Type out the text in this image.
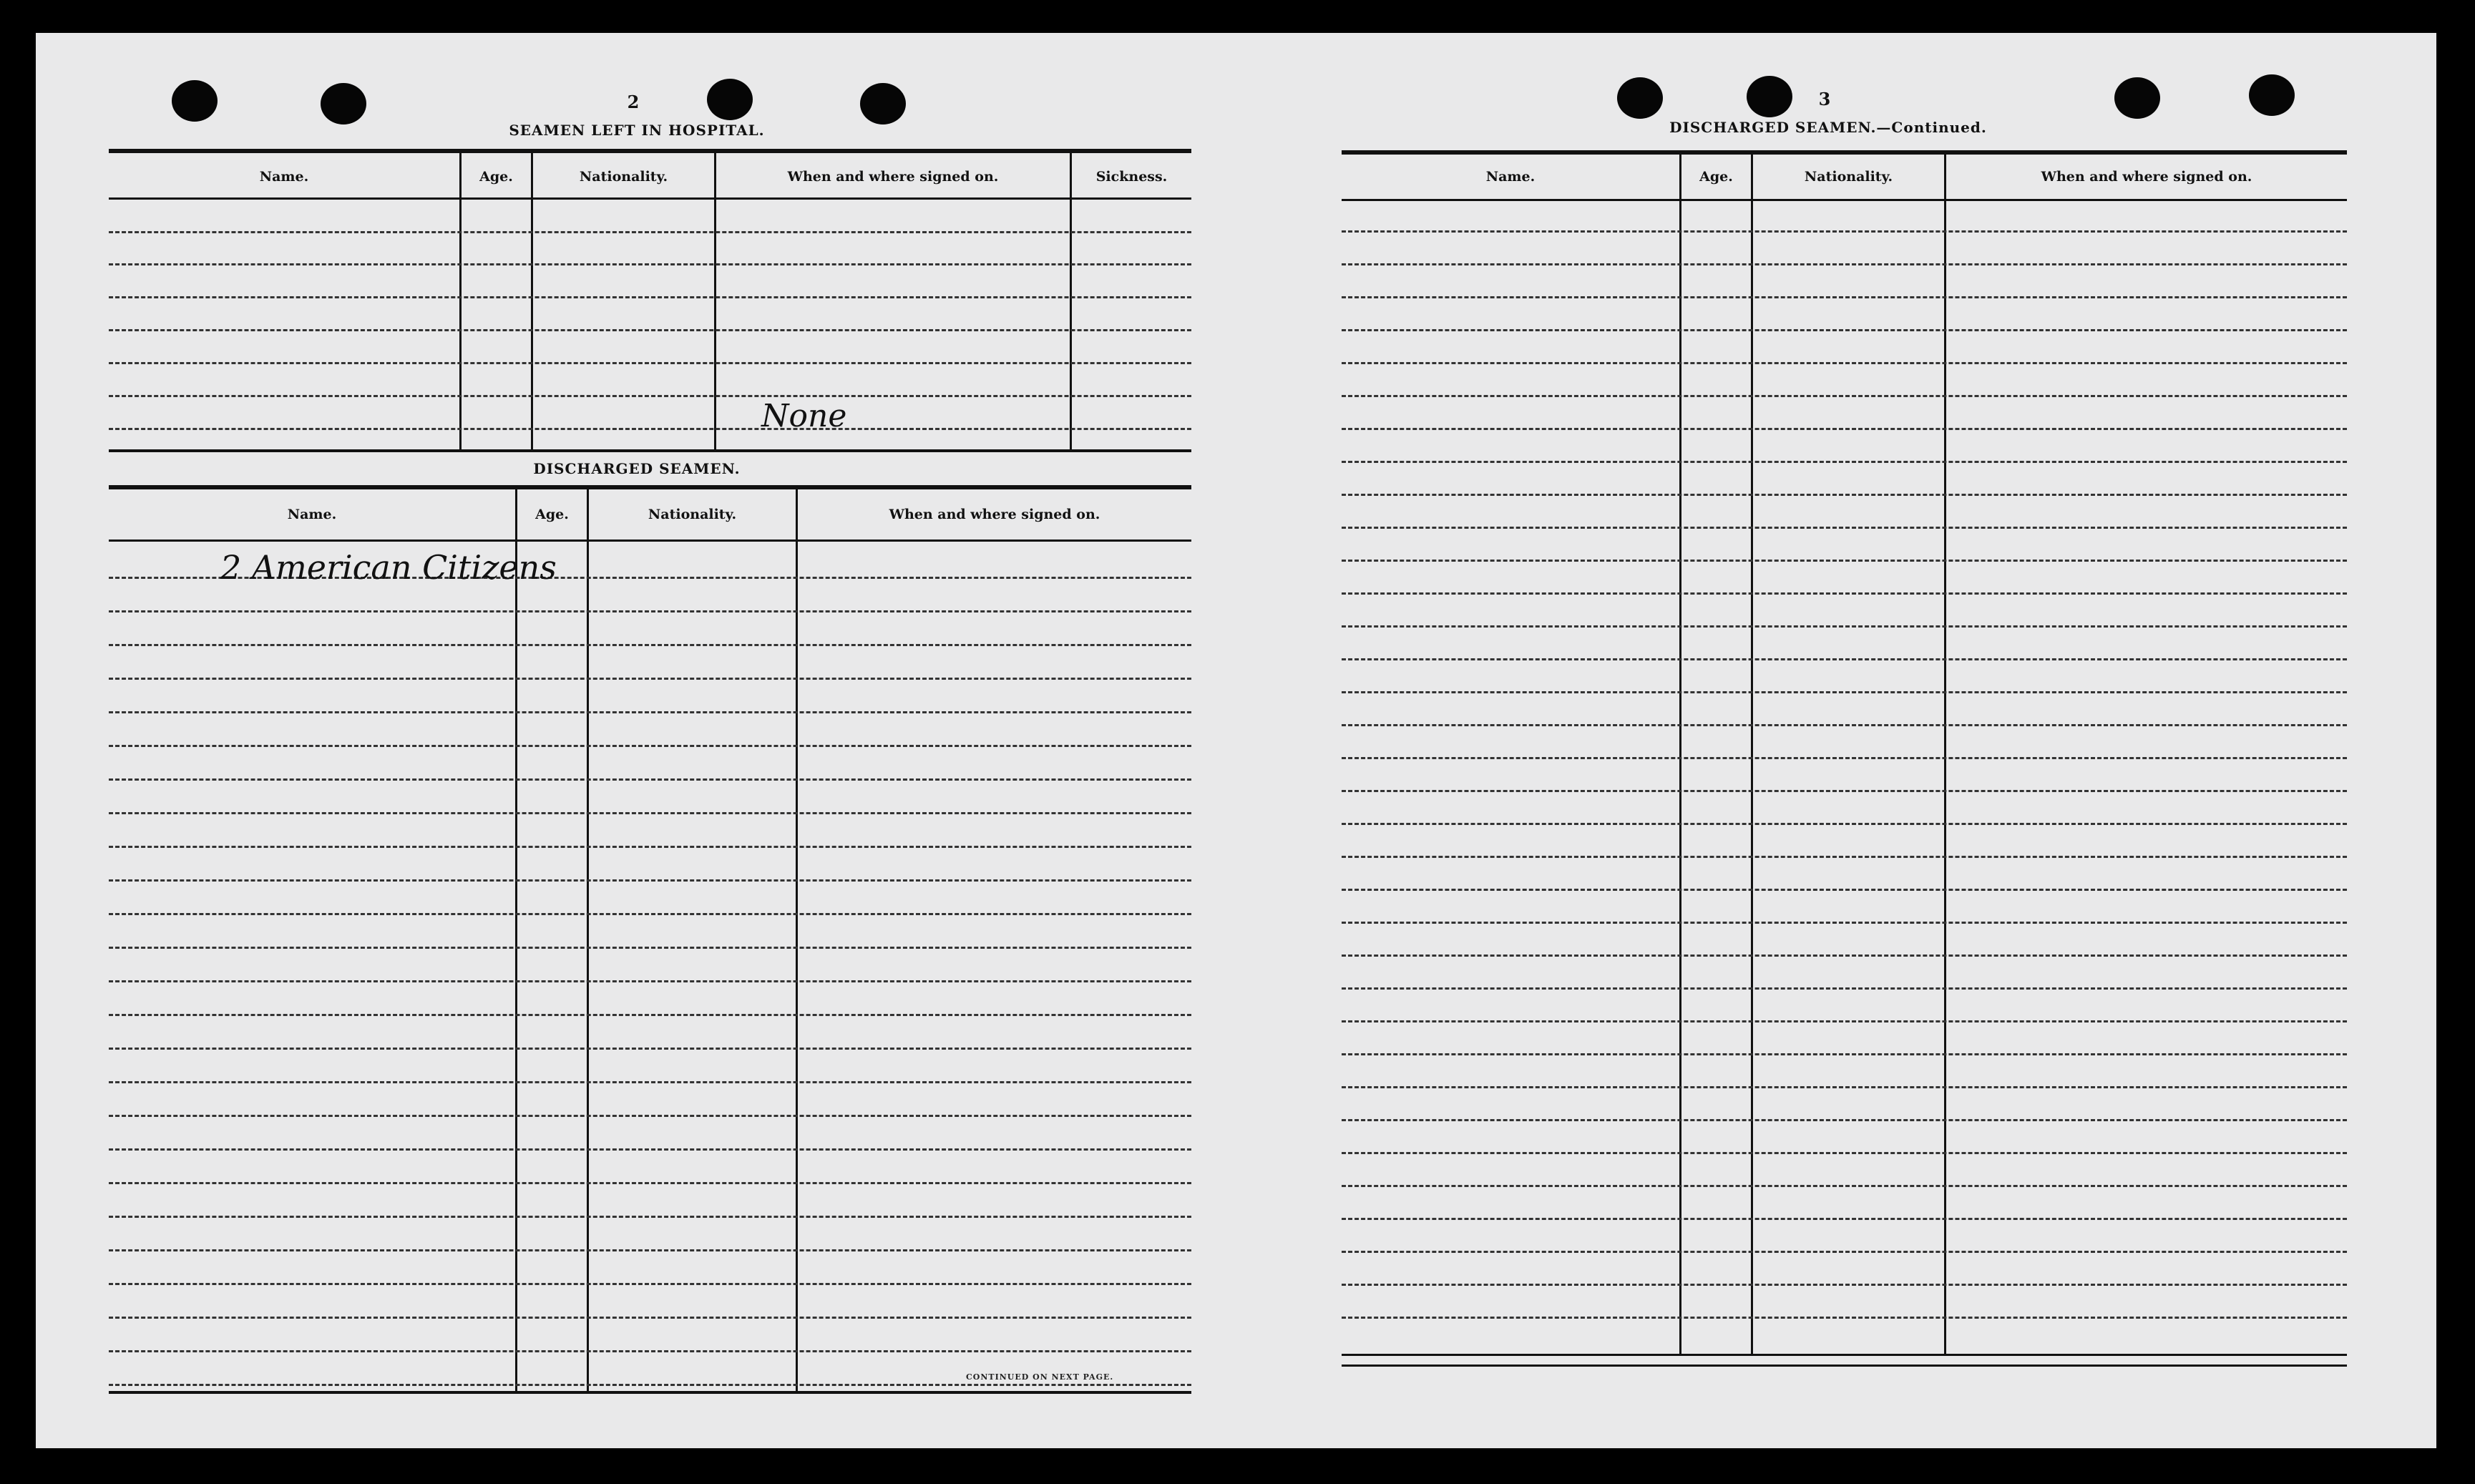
2
SEAMEN LEFT IN HOSPITAL.
Name.	Age.	Nationality.	When and where signed on.	Sickness.
None
DISCHARGED SEAMEN.
Name.	Age.	Nationality.	When and where signed on.
2 American Citizens
CONTINUED ON NEXT PAGE.
3
DISCHARGED SEAMEN.—Continued.
Name.	Age.	Nationality.	When and where signed on.
